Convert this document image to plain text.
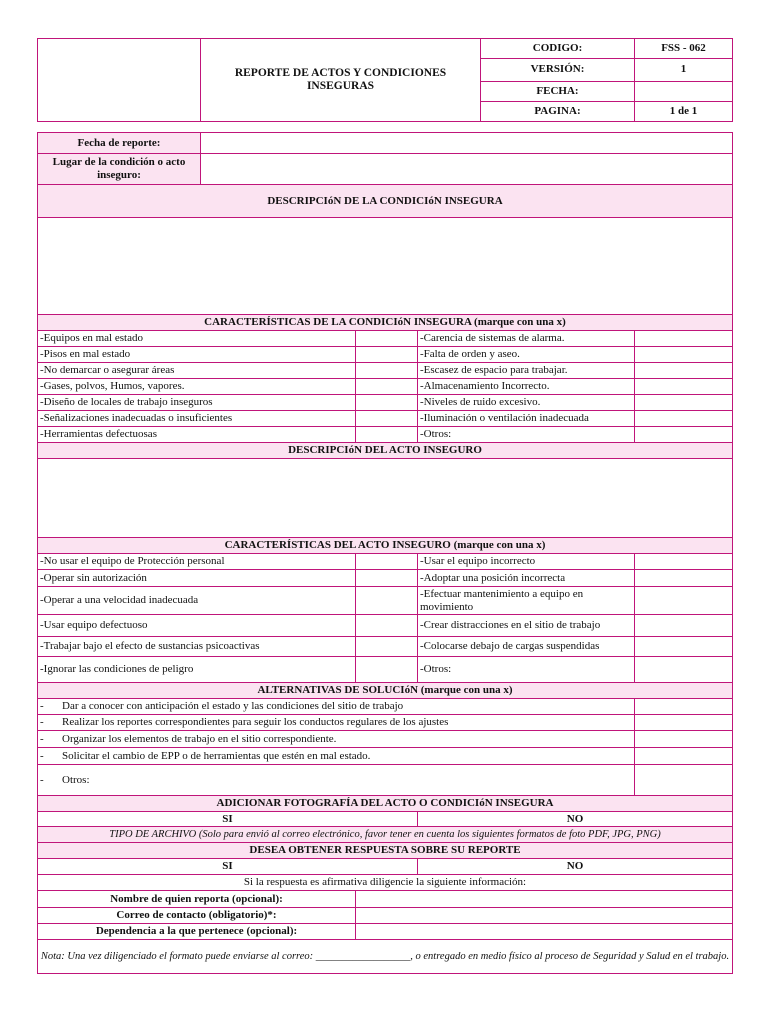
	REPORTE DE ACTOS Y CONDICIONES INSEGURAS	CODIGO:	FSS - 062
		VERSIÓN:	1
		FECHA:	
		PAGINA:	1 de 1
Fecha de reporte:				
Lugar de la condición o acto inseguro:				
DESCRIPCIóN DE LA CONDICIóN INSEGURA				

CARACTERÍSTICAS DE LA CONDICIóN INSEGURA (marque con una x)				
-Equipos en mal estado			-Carencia de sistemas de alarma.	
-Pisos en mal estado			-Falta de orden y aseo.	
-No demarcar o asegurar áreas			-Escasez de espacio para trabajar.	
-Gases, polvos, Humos, vapores.			-Almacenamiento Incorrecto.	
-Diseño de locales de trabajo inseguros			-Niveles de ruido excesivo.	
-Señalizaciones inadecuadas o insuficientes			-Iluminación o ventilación inadecuada	
-Herramientas defectuosas			-Otros:	
DESCRIPCIóN DEL ACTO INSEGURO				

CARACTERÍSTICAS DEL ACTO INSEGURO (marque con una x)				
-No usar el equipo de Protección personal			-Usar el equipo incorrecto	
-Operar sin autorización			-Adoptar una posición incorrecta	
-Operar a una velocidad inadecuada			-Efectuar mantenimiento a equipo en movimiento	
-Usar equipo defectuoso			-Crear distracciones en el sitio de trabajo	
-Trabajar bajo el efecto de sustancias psicoactivas			-Colocarse debajo de cargas suspendidas	
-Ignorar las condiciones de peligro			-Otros:	
ALTERNATIVAS DE SOLUCIóN (marque con una x)				
- Dar a conocer con anticipación el estado y las condiciones del sitio de trabajo				
- Realizar los reportes correspondientes para seguir los conductos regulares de los ajustes				
- Organizar los elementos de trabajo en el sitio correspondiente.				
- Solicitar el cambio de EPP o de herramientas que estén en mal estado.				
- Otros:				
ADICIONAR FOTOGRAFÍA DEL ACTO O CONDICIóN INSEGURA				
SI			NO	
TIPO DE ARCHIVO (Solo para envió al correo electrónico, favor tener en cuenta los siguientes formatos de foto PDF, JPG, PNG)				
DESEA OBTENER RESPUESTA SOBRE SU REPORTE				
SI			NO	
Si la respuesta es afirmativa diligencie la siguiente información:				
Nombre de quien reporta (opcional):				
Correo de contacto (obligatorio)*:				
Dependencia a la que pertenece (opcional):				
Nota: Una vez diligenciado el formato puede enviarse al correo: __________________, o entregado en medio físico al proceso de Seguridad y Salud en el trabajo.				
